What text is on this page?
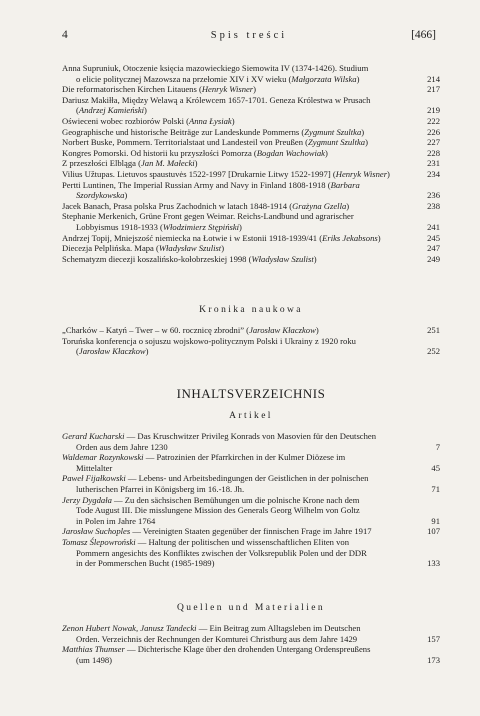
4	Spis treści	[466]
Anna Supruniuk, Otoczenie księcia mazowieckiego Siemowita IV (1374-1426). Studium
o elicie politycznej Mazowsza na przełomie XIV i XV wieku (Małgorzata Wilska)	214
Die reformatorischen Kirchen Litauens (Henryk Wisner)	217
Dariusz Makiłła, Między Welawą a Królewcem 1657-1701. Geneza Królestwa w Prusach
(Andrzej Kamieński)	219
Oświeceni wobec rozbiorów Polski (Anna Łysiak)	222
Geographische und historische Beiträge zur Landeskunde Pommerns (Zygmunt Szultka)	226
Norbert Buske, Pommern. Territorialstaat und Landesteil von Preußen (Zygmunt Szultka)	227
Kongres Pomorski. Od historii ku przyszłości Pomorza (Bogdan Wachowiak)	228
Z przeszłości Elbląga (Jan M. Małecki)	231
Vilius Užtupas. Lietuvos spaustuvės 1522-1997 [Drukarnie Litwy 1522-1997] (Henryk Wisner)	234
Pertti Luntinen, The Imperial Russian Army and Navy in Finland 1808-1918 (Barbara
Szordykowska)	236
Jacek Banach, Prasa polska Prus Zachodnich w latach 1848-1914 (Grażyna Gzella)	238
Stephanie Merkenich, Grüne Front gegen Weimar. Reichs-Landbund und agrarischer
Lobbyismus 1918-1933 (Włodzimierz Stępiński)	241
Andrzej Topij, Mniejszość niemiecka na Łotwie i w Estonii 1918-1939/41 (Eriks Jekabsons)	245
Diecezja Pelplińska. Mapa (Władysław Szulist)	247
Schematyzm diecezji koszalińsko-kołobrzeskiej 1998 (Władysław Szulist)	249
Kronika naukowa
„Charków – Katyń – Twer – w 60. rocznicę zbrodni” (Jarosław Kłaczkow)	251
Toruńska konferencja o sojuszu wojskowo-politycznym Polski i Ukrainy z 1920 roku
(Jarosław Kłaczkow)	252
INHALTSVERZEICHNIS
Artikel
Gerard Kucharski — Das Kruschwitzer Privileg Konrads von Masovien für den Deutschen
Orden aus dem Jahre 1230	7
Waldemar Rozynkowski — Patrozinien der Pfarrkirchen in der Kulmer Diözese im
Mittelalter	45
Paweł Fijałkowski — Lebens- und Arbeitsbedingungen der Geistlichen in der polnischen
lutherischen Pfarrei in Königsberg im 16.-18. Jh.	71
Jerzy Dygdała — Zu den sächsischen Bemühungen um die polnische Krone nach dem
Tode August III. Die misslungene Mission des Generals Georg Wilhelm von Goltz
in Polen im Jahre 1764	91
Jarosław Suchoples — Vereinigten Staaten gegenüber der finnischen Frage im Jahre 1917	107
Tomasz Ślepowroński — Haltung der politischen und wissenschaftlichen Eliten von
Pommern angesichts des Konfliktes zwischen der Volksrepublik Polen und der DDR
in der Pommerschen Bucht (1985-1989)	133
Quellen und Materialien
Zenon Hubert Nowak, Janusz Tandecki — Ein Beitrag zum Alltagsleben im Deutschen
Orden. Verzeichnis der Rechnungen der Komturei Christburg aus dem Jahre 1429	157
Matthias Thumser — Dichterische Klage über den drohenden Untergang Ordenspreußens
(um 1498)	173
